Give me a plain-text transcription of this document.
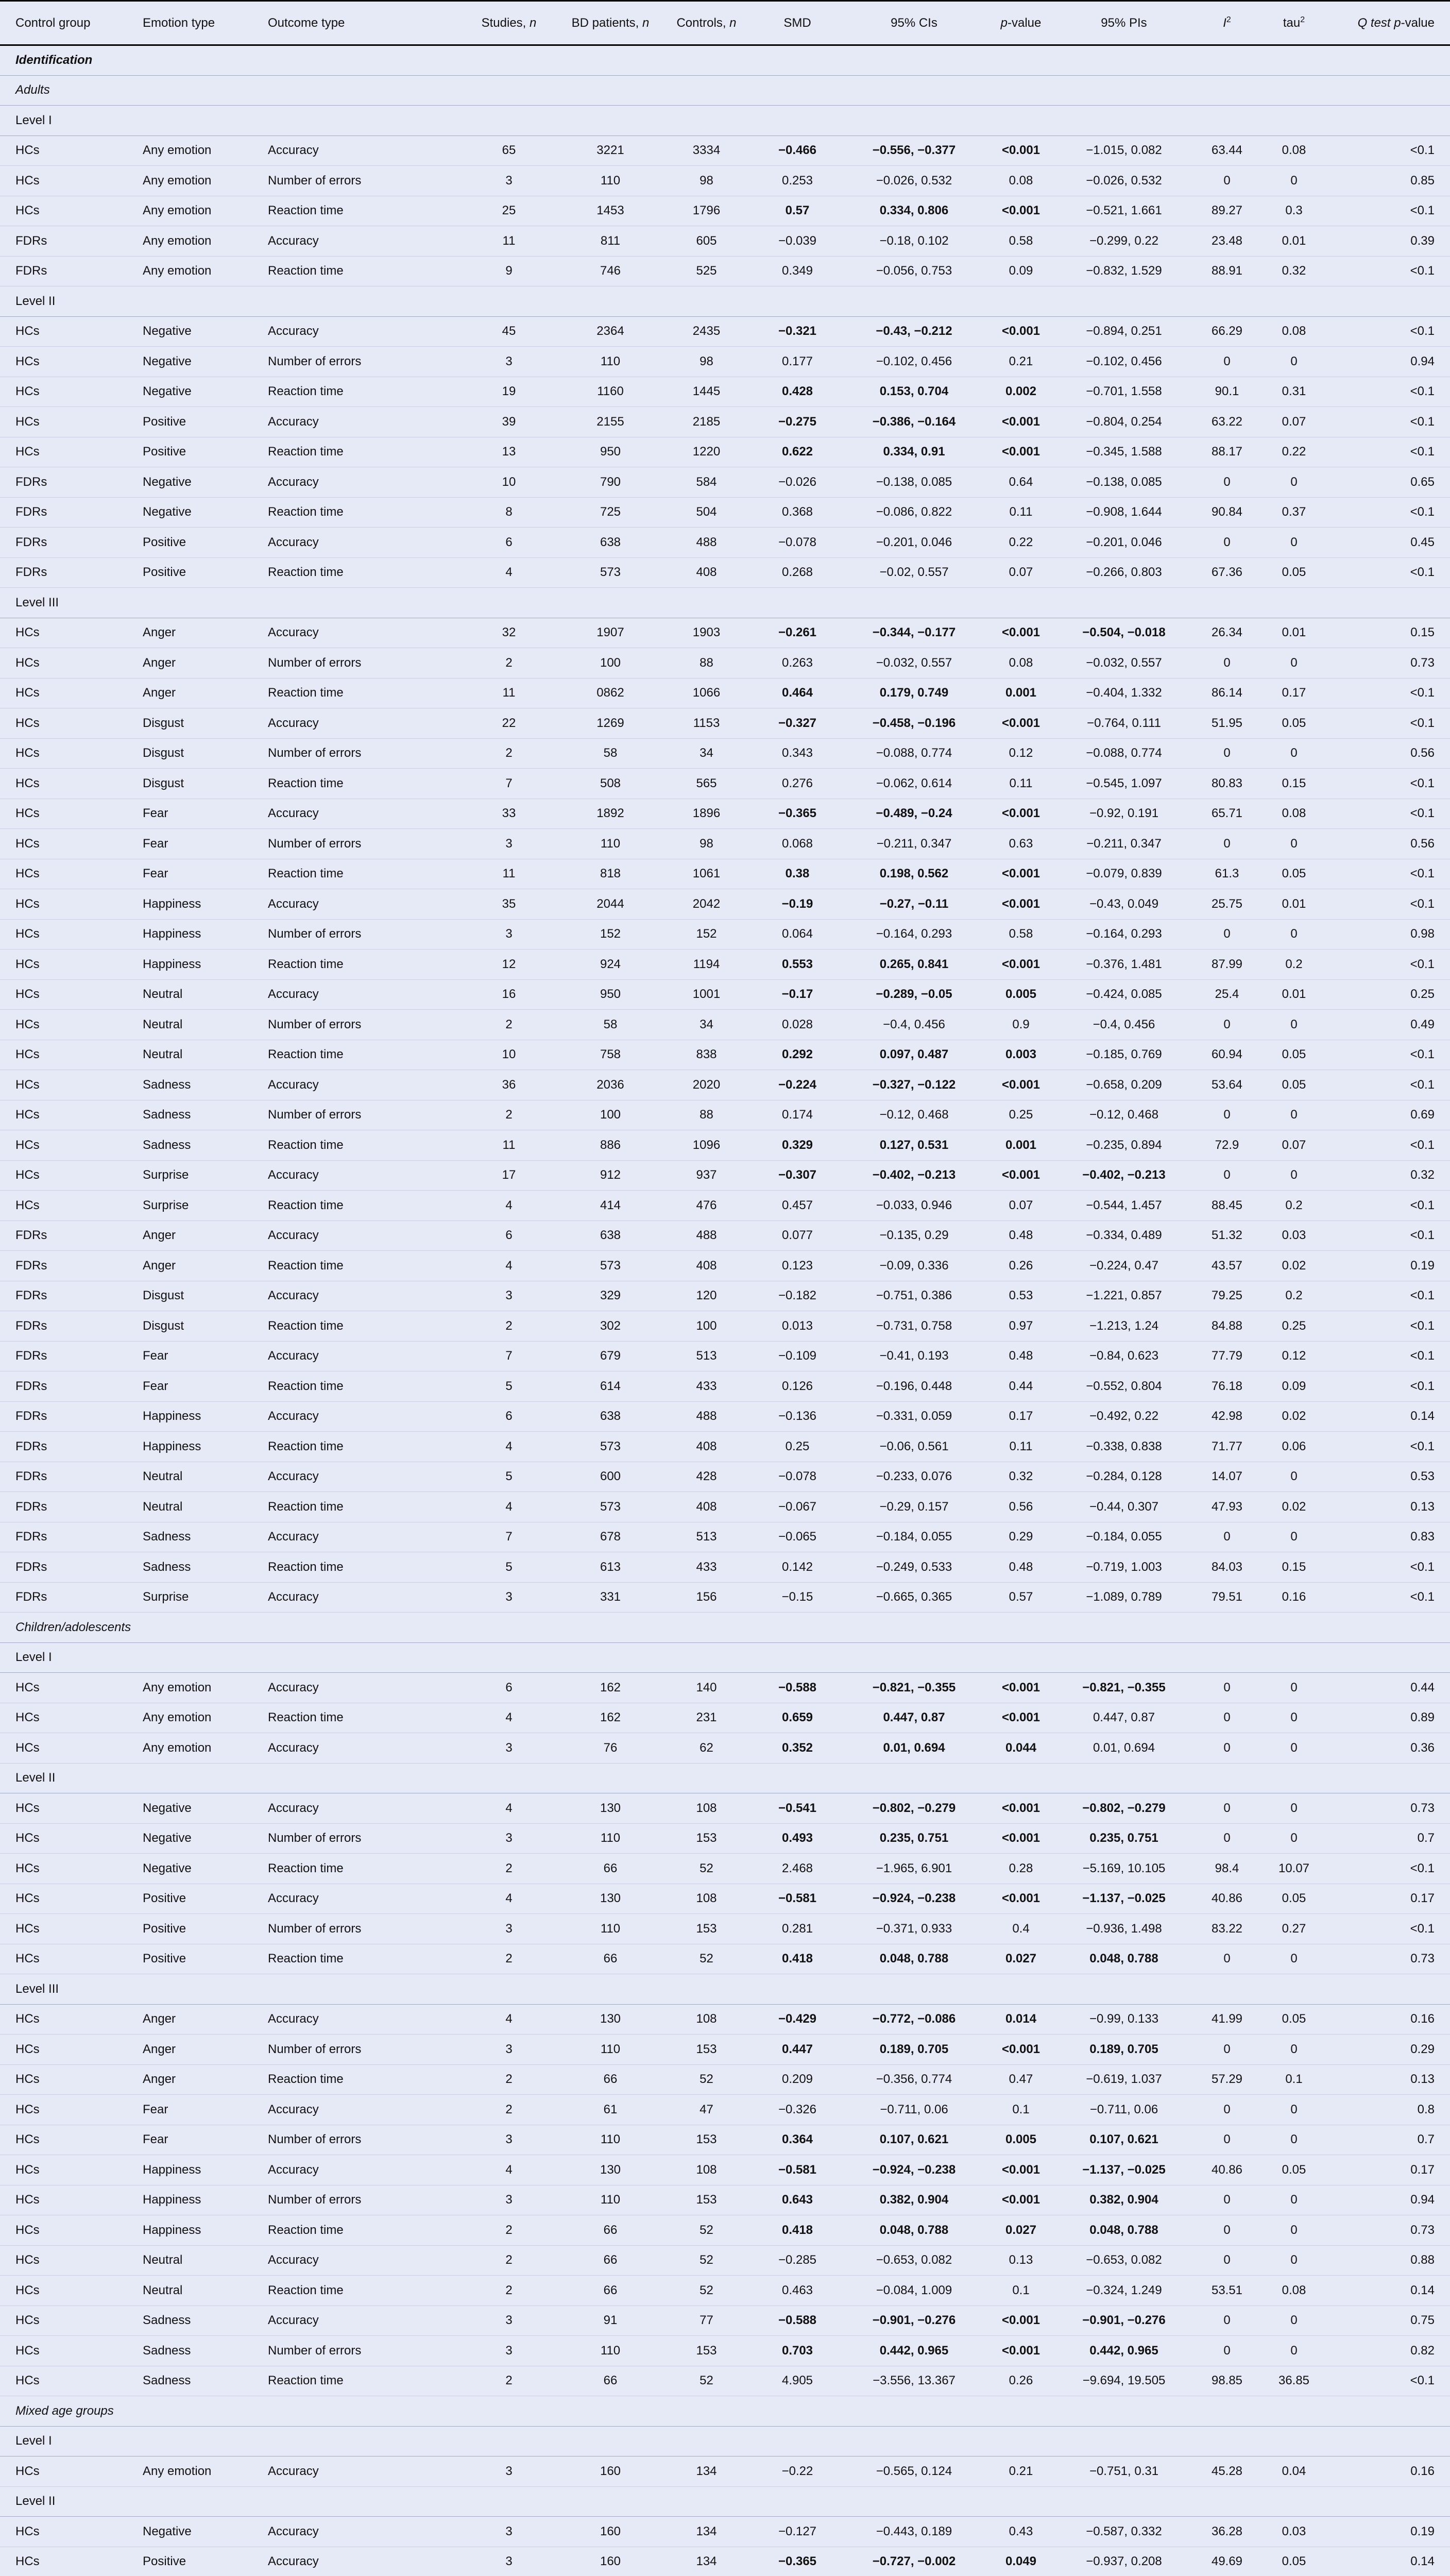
Control group	Emotion type	Outcome type	Studies, n	BD patients, n	Controls, n	SMD	95% CIs	p-value	95% PIs	$I^2$	tau$^2$	Q test p-value
Identification												
Adults												
Level I												
HCs	Any emotion	Accuracy	65	3221	3334	−0.466	−0.556, −0.377	<0.001	−1.015, 0.082	63.44	0.08	<0.1
HCs	Any emotion	Number of errors	3	110	98	0.253	−0.026, 0.532	0.08	−0.026, 0.532	0	0	0.85
HCs	Any emotion	Reaction time	25	1453	1796	0.57	0.334, 0.806	<0.001	−0.521, 1.661	89.27	0.3	<0.1
FDRs	Any emotion	Accuracy	11	811	605	−0.039	−0.18, 0.102	0.58	−0.299, 0.22	23.48	0.01	0.39
FDRs	Any emotion	Reaction time	9	746	525	0.349	−0.056, 0.753	0.09	−0.832, 1.529	88.91	0.32	<0.1
Level II												
HCs	Negative	Accuracy	45	2364	2435	−0.321	−0.43, −0.212	<0.001	−0.894, 0.251	66.29	0.08	<0.1
HCs	Negative	Number of errors	3	110	98	0.177	−0.102, 0.456	0.21	−0.102, 0.456	0	0	0.94
HCs	Negative	Reaction time	19	1160	1445	0.428	0.153, 0.704	0.002	−0.701, 1.558	90.1	0.31	<0.1
HCs	Positive	Accuracy	39	2155	2185	−0.275	−0.386, −0.164	<0.001	−0.804, 0.254	63.22	0.07	<0.1
HCs	Positive	Reaction time	13	950	1220	0.622	0.334, 0.91	<0.001	−0.345, 1.588	88.17	0.22	<0.1
FDRs	Negative	Accuracy	10	790	584	−0.026	−0.138, 0.085	0.64	−0.138, 0.085	0	0	0.65
FDRs	Negative	Reaction time	8	725	504	0.368	−0.086, 0.822	0.11	−0.908, 1.644	90.84	0.37	<0.1
FDRs	Positive	Accuracy	6	638	488	−0.078	−0.201, 0.046	0.22	−0.201, 0.046	0	0	0.45
FDRs	Positive	Reaction time	4	573	408	0.268	−0.02, 0.557	0.07	−0.266, 0.803	67.36	0.05	<0.1
Level III												
HCs	Anger	Accuracy	32	1907	1903	−0.261	−0.344, −0.177	<0.001	−0.504, −0.018	26.34	0.01	0.15
HCs	Anger	Number of errors	2	100	88	0.263	−0.032, 0.557	0.08	−0.032, 0.557	0	0	0.73
HCs	Anger	Reaction time	11	0862	1066	0.464	0.179, 0.749	0.001	−0.404, 1.332	86.14	0.17	<0.1
HCs	Disgust	Accuracy	22	1269	1153	−0.327	−0.458, −0.196	<0.001	−0.764, 0.111	51.95	0.05	<0.1
HCs	Disgust	Number of errors	2	58	34	0.343	−0.088, 0.774	0.12	−0.088, 0.774	0	0	0.56
HCs	Disgust	Reaction time	7	508	565	0.276	−0.062, 0.614	0.11	−0.545, 1.097	80.83	0.15	<0.1
HCs	Fear	Accuracy	33	1892	1896	−0.365	−0.489, −0.24	<0.001	−0.92, 0.191	65.71	0.08	<0.1
HCs	Fear	Number of errors	3	110	98	0.068	−0.211, 0.347	0.63	−0.211, 0.347	0	0	0.56
HCs	Fear	Reaction time	11	818	1061	0.38	0.198, 0.562	<0.001	−0.079, 0.839	61.3	0.05	<0.1
HCs	Happiness	Accuracy	35	2044	2042	−0.19	−0.27, −0.11	<0.001	−0.43, 0.049	25.75	0.01	<0.1
HCs	Happiness	Number of errors	3	152	152	0.064	−0.164, 0.293	0.58	−0.164, 0.293	0	0	0.98
HCs	Happiness	Reaction time	12	924	1194	0.553	0.265, 0.841	<0.001	−0.376, 1.481	87.99	0.2	<0.1
HCs	Neutral	Accuracy	16	950	1001	−0.17	−0.289, −0.05	0.005	−0.424, 0.085	25.4	0.01	0.25
HCs	Neutral	Number of errors	2	58	34	0.028	−0.4, 0.456	0.9	−0.4, 0.456	0	0	0.49
HCs	Neutral	Reaction time	10	758	838	0.292	0.097, 0.487	0.003	−0.185, 0.769	60.94	0.05	<0.1
HCs	Sadness	Accuracy	36	2036	2020	−0.224	−0.327, −0.122	<0.001	−0.658, 0.209	53.64	0.05	<0.1
HCs	Sadness	Number of errors	2	100	88	0.174	−0.12, 0.468	0.25	−0.12, 0.468	0	0	0.69
HCs	Sadness	Reaction time	11	886	1096	0.329	0.127, 0.531	0.001	−0.235, 0.894	72.9	0.07	<0.1
HCs	Surprise	Accuracy	17	912	937	−0.307	−0.402, −0.213	<0.001	−0.402, −0.213	0	0	0.32
HCs	Surprise	Reaction time	4	414	476	0.457	−0.033, 0.946	0.07	−0.544, 1.457	88.45	0.2	<0.1
FDRs	Anger	Accuracy	6	638	488	0.077	−0.135, 0.29	0.48	−0.334, 0.489	51.32	0.03	<0.1
FDRs	Anger	Reaction time	4	573	408	0.123	−0.09, 0.336	0.26	−0.224, 0.47	43.57	0.02	0.19
FDRs	Disgust	Accuracy	3	329	120	−0.182	−0.751, 0.386	0.53	−1.221, 0.857	79.25	0.2	<0.1
FDRs	Disgust	Reaction time	2	302	100	0.013	−0.731, 0.758	0.97	−1.213, 1.24	84.88	0.25	<0.1
FDRs	Fear	Accuracy	7	679	513	−0.109	−0.41, 0.193	0.48	−0.84, 0.623	77.79	0.12	<0.1
FDRs	Fear	Reaction time	5	614	433	0.126	−0.196, 0.448	0.44	−0.552, 0.804	76.18	0.09	<0.1
FDRs	Happiness	Accuracy	6	638	488	−0.136	−0.331, 0.059	0.17	−0.492, 0.22	42.98	0.02	0.14
FDRs	Happiness	Reaction time	4	573	408	0.25	−0.06, 0.561	0.11	−0.338, 0.838	71.77	0.06	<0.1
FDRs	Neutral	Accuracy	5	600	428	−0.078	−0.233, 0.076	0.32	−0.284, 0.128	14.07	0	0.53
FDRs	Neutral	Reaction time	4	573	408	−0.067	−0.29, 0.157	0.56	−0.44, 0.307	47.93	0.02	0.13
FDRs	Sadness	Accuracy	7	678	513	−0.065	−0.184, 0.055	0.29	−0.184, 0.055	0	0	0.83
FDRs	Sadness	Reaction time	5	613	433	0.142	−0.249, 0.533	0.48	−0.719, 1.003	84.03	0.15	<0.1
FDRs	Surprise	Accuracy	3	331	156	−0.15	−0.665, 0.365	0.57	−1.089, 0.789	79.51	0.16	<0.1
Children/adolescents												
Level I												
HCs	Any emotion	Accuracy	6	162	140	−0.588	−0.821, −0.355	<0.001	−0.821, −0.355	0	0	0.44
HCs	Any emotion	Reaction time	4	162	231	0.659	0.447, 0.87	<0.001	0.447, 0.87	0	0	0.89
HCs	Any emotion	Accuracy	3	76	62	0.352	0.01, 0.694	0.044	0.01, 0.694	0	0	0.36
Level II												
HCs	Negative	Accuracy	4	130	108	−0.541	−0.802, −0.279	<0.001	−0.802, −0.279	0	0	0.73
HCs	Negative	Number of errors	3	110	153	0.493	0.235, 0.751	<0.001	0.235, 0.751	0	0	0.7
HCs	Negative	Reaction time	2	66	52	2.468	−1.965, 6.901	0.28	−5.169, 10.105	98.4	10.07	<0.1
HCs	Positive	Accuracy	4	130	108	−0.581	−0.924, −0.238	<0.001	−1.137, −0.025	40.86	0.05	0.17
HCs	Positive	Number of errors	3	110	153	0.281	−0.371, 0.933	0.4	−0.936, 1.498	83.22	0.27	<0.1
HCs	Positive	Reaction time	2	66	52	0.418	0.048, 0.788	0.027	0.048, 0.788	0	0	0.73
Level III												
HCs	Anger	Accuracy	4	130	108	−0.429	−0.772, −0.086	0.014	−0.99, 0.133	41.99	0.05	0.16
HCs	Anger	Number of errors	3	110	153	0.447	0.189, 0.705	<0.001	0.189, 0.705	0	0	0.29
HCs	Anger	Reaction time	2	66	52	0.209	−0.356, 0.774	0.47	−0.619, 1.037	57.29	0.1	0.13
HCs	Fear	Accuracy	2	61	47	−0.326	−0.711, 0.06	0.1	−0.711, 0.06	0	0	0.8
HCs	Fear	Number of errors	3	110	153	0.364	0.107, 0.621	0.005	0.107, 0.621	0	0	0.7
HCs	Happiness	Accuracy	4	130	108	−0.581	−0.924, −0.238	<0.001	−1.137, −0.025	40.86	0.05	0.17
HCs	Happiness	Number of errors	3	110	153	0.643	0.382, 0.904	<0.001	0.382, 0.904	0	0	0.94
HCs	Happiness	Reaction time	2	66	52	0.418	0.048, 0.788	0.027	0.048, 0.788	0	0	0.73
HCs	Neutral	Accuracy	2	66	52	−0.285	−0.653, 0.082	0.13	−0.653, 0.082	0	0	0.88
HCs	Neutral	Reaction time	2	66	52	0.463	−0.084, 1.009	0.1	−0.324, 1.249	53.51	0.08	0.14
HCs	Sadness	Accuracy	3	91	77	−0.588	−0.901, −0.276	<0.001	−0.901, −0.276	0	0	0.75
HCs	Sadness	Number of errors	3	110	153	0.703	0.442, 0.965	<0.001	0.442, 0.965	0	0	0.82
HCs	Sadness	Reaction time	2	66	52	4.905	−3.556, 13.367	0.26	−9.694, 19.505	98.85	36.85	<0.1
Mixed age groups												
Level I												
HCs	Any emotion	Accuracy	3	160	134	−0.22	−0.565, 0.124	0.21	−0.751, 0.31	45.28	0.04	0.16
Level II												
HCs	Negative	Accuracy	3	160	134	−0.127	−0.443, 0.189	0.43	−0.587, 0.332	36.28	0.03	0.19
HCs	Positive	Accuracy	3	160	134	−0.365	−0.727, −0.002	0.049	−0.937, 0.208	49.69	0.05	0.14
